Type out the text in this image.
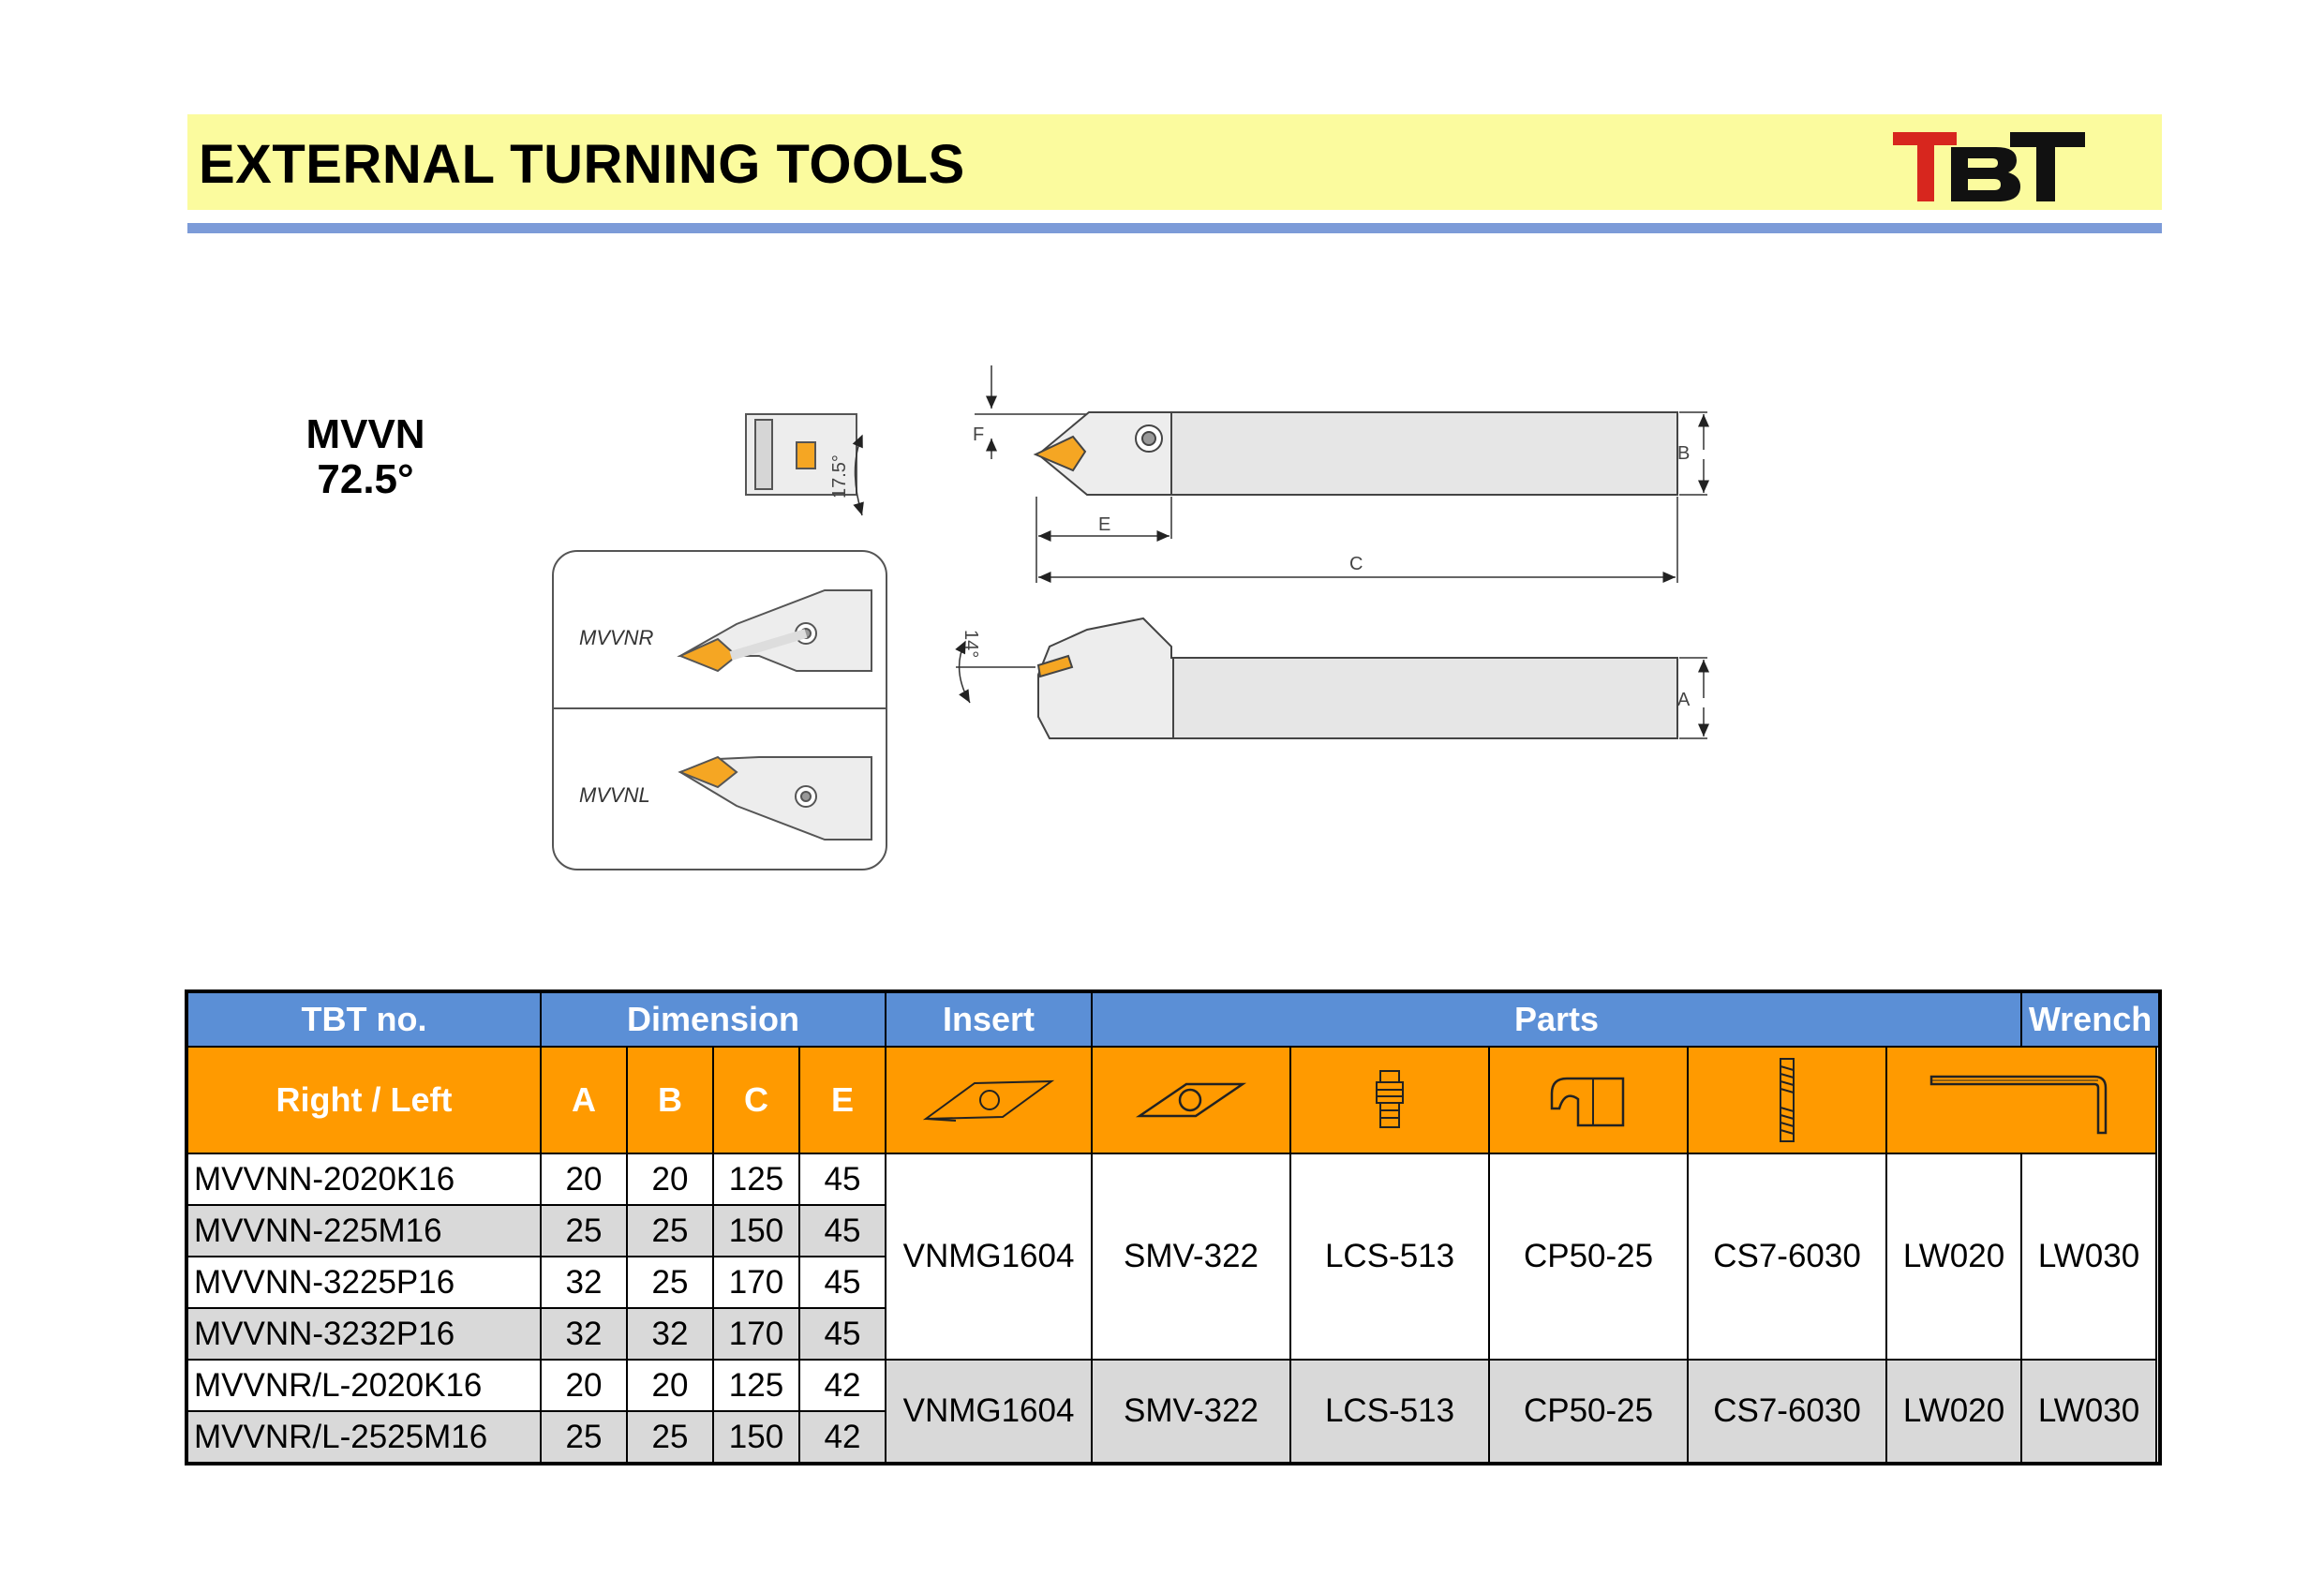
EXTERNAL TURNING TOOLS
MVVN
72.5°	17.5°
F
B
E
C
14°
A
MVVNR
MVVNL
TBT no.	Dimension				Insert	Parts					Wrench
Right / Left	A	B	C	E	

MVVNN-2020K16	20	20	125	45	VNMG1604	SMV-322	LCS-513	CP50-25	CS7-6030	LW020	LW030
MVVNN-225M16	25	25	150	45							
MVVNN-3225P16	32	25	170	45							
MVVNN-3232P16	32	32	170	45							
MVVNR/L-2020K16	20	20	125	42	VNMG1604	SMV-322	LCS-513	CP50-25	CS7-6030	LW020	LW030
MVVNR/L-2525M16	25	25	150	42							
